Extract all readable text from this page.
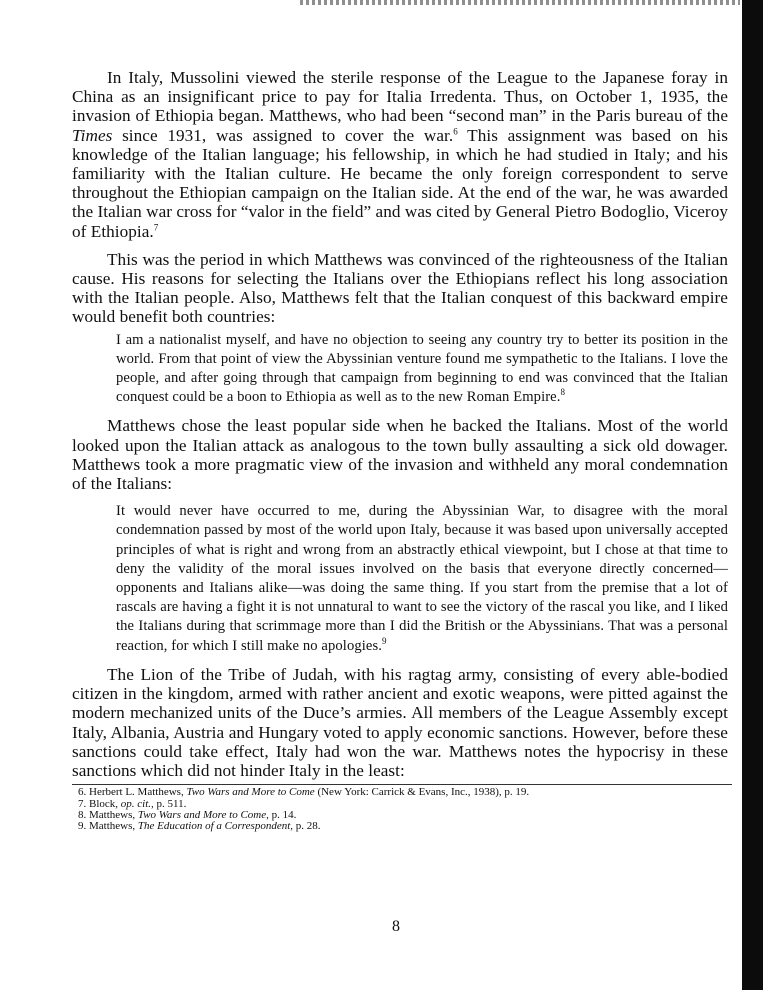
In Italy, Mussolini viewed the sterile response of the League to the Japanese foray in China as an insignificant price to pay for Italia Irredenta. Thus, on October 1, 1935, the invasion of Ethiopia began. Matthews, who had been “second man” in the Paris bureau of the Times since 1931, was assigned to cover the war.$^6$ This assignment was based on his knowledge of the Italian language; his fellowship, in which he had studied in Italy; and his familiarity with the Italian culture. He became the only foreign correspondent to serve throughout the Ethiopian campaign on the Italian side. At the end of the war, he was awarded the Italian war cross for “valor in the field” and was cited by General Pietro Bodoglio, Viceroy of Ethiopia.$^7$

This was the period in which Matthews was convinced of the righteousness of the Italian cause. His reasons for selecting the Italians over the Ethiopians reflect his long association with the Italian people. Also, Matthews felt that the Italian conquest of this backward empire would benefit both countries:

I am a nationalist myself, and have no objection to seeing any country try to better its position in the world. From that point of view the Abyssinian venture found me sympathetic to the Italians. I love the people, and after going through that campaign from beginning to end was convinced that the Italian conquest could be a boon to Ethiopia as well as to the new Roman Empire.$^8$

Matthews chose the least popular side when he backed the Italians. Most of the world looked upon the Italian attack as analogous to the town bully assaulting a sick old dowager. Matthews took a more pragmatic view of the invasion and withheld any moral condemnation of the Italians:

It would never have occurred to me, during the Abyssinian War, to disagree with the moral condemnation passed by most of the world upon Italy, because it was based upon universally accepted principles of what is right and wrong from an abstractly ethical viewpoint, but I chose at that time to deny the validity of the moral issues involved on the basis that everyone directly concerned—opponents and Italians alike—was doing the same thing. If you start from the premise that a lot of rascals are having a fight it is not unnatural to want to see the victory of the rascal you like, and I liked the Italians during that scrimmage more than I did the British or the Abyssinians. That was a personal reaction, for which I still make no apologies.$^9$

The Lion of the Tribe of Judah, with his ragtag army, consisting of every able-bodied citizen in the kingdom, armed with rather ancient and exotic weapons, were pitted against the modern mechanized units of the Duce’s armies. All members of the League Assembly except Italy, Albania, Austria and Hungary voted to apply economic sanctions. However, before these sanctions could take effect, Italy had won the war. Matthews notes the hypocrisy in these sanctions which did not hinder Italy in the least:

6. Herbert L. Matthews, Two Wars and More to Come (New York: Carrick & Evans, Inc., 1938), p. 19.
7. Block, op. cit., p. 511.
8. Matthews, Two Wars and More to Come, p. 14.
9. Matthews, The Education of a Correspondent, p. 28.
8
